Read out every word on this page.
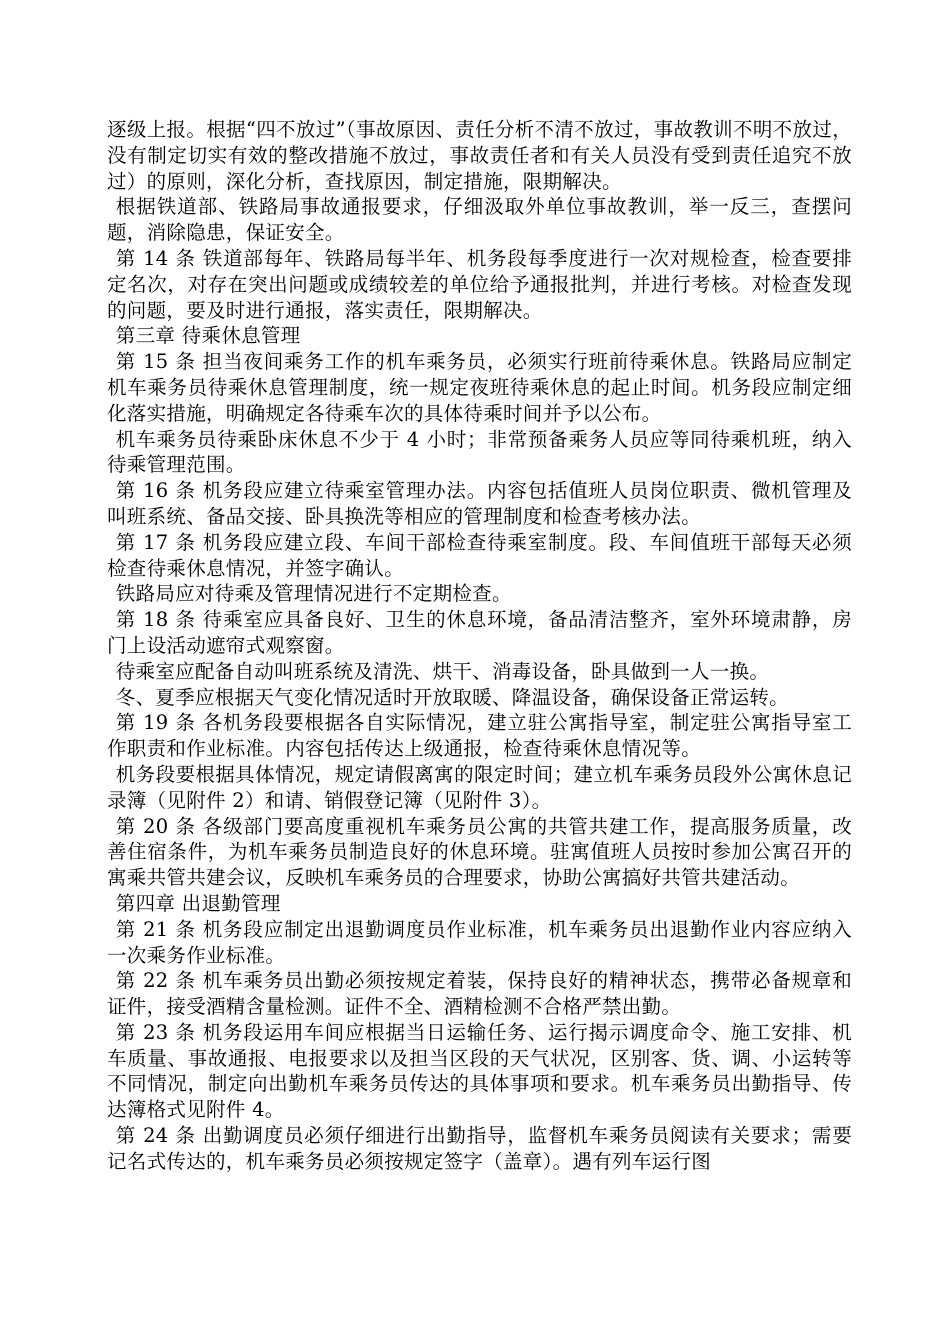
逐级上报。根据“四不放过”（事故原因、责任分析不清不放过，事故教训不明不放过，没有制定切实有效的整改措施不放过，事故责任者和有关人员没有受到责任追究不放过）的原则，深化分析，查找原因，制定措施，限期解决。

根据铁道部、铁路局事故通报要求，仔细汲取外单位事故教训，举一反三，查摆问题，消除隐患，保证安全。

第 14 条 铁道部每年、铁路局每半年、机务段每季度进行一次对规检查，检查要排定名次，对存在突出问题或成绩较差的单位给予通报批判，并进行考核。对检查发现的问题，要及时进行通报，落实责任，限期解决。

第三章 待乘休息管理

第 15 条 担当夜间乘务工作的机车乘务员，必须实行班前待乘休息。铁路局应制定机车乘务员待乘休息管理制度，统一规定夜班待乘休息的起止时间。机务段应制定细化落实措施，明确规定各待乘车次的具体待乘时间并予以公布。

机车乘务员待乘卧床休息不少于 4 小时；非常预备乘务人员应等同待乘机班，纳入待乘管理范围。

第 16 条 机务段应建立待乘室管理办法。内容包括值班人员岗位职责、微机管理及叫班系统、备品交接、卧具换洗等相应的管理制度和检查考核办法。

第 17 条 机务段应建立段、车间干部检查待乘室制度。段、车间值班干部每天必须检查待乘休息情况，并签字确认。

铁路局应对待乘及管理情况进行不定期检查。

第 18 条 待乘室应具备良好、卫生的休息环境，备品清洁整齐，室外环境肃静，房门上设活动遮帘式观察窗。

待乘室应配备自动叫班系统及清洗、烘干、消毒设备，卧具做到一人一换。

冬、夏季应根据天气变化情况适时开放取暖、降温设备，确保设备正常运转。

第 19 条 各机务段要根据各自实际情况，建立驻公寓指导室，制定驻公寓指导室工作职责和作业标准。内容包括传达上级通报，检查待乘休息情况等。

机务段要根据具体情况，规定请假离寓的限定时间；建立机车乘务员段外公寓休息记录簿（见附件 2）和请、销假登记簿（见附件 3）。

第 20 条 各级部门要高度重视机车乘务员公寓的共管共建工作，提高服务质量，改善住宿条件，为机车乘务员制造良好的休息环境。驻寓值班人员按时参加公寓召开的寓乘共管共建会议，反映机车乘务员的合理要求，协助公寓搞好共管共建活动。

第四章 出退勤管理

第 21 条 机务段应制定出退勤调度员作业标准，机车乘务员出退勤作业内容应纳入一次乘务作业标准。

第 22 条 机车乘务员出勤必须按规定着装，保持良好的精神状态，携带必备规章和证件，接受酒精含量检测。证件不全、酒精检测不合格严禁出勤。

第 23 条 机务段运用车间应根据当日运输任务、运行揭示调度命令、施工安排、机车质量、事故通报、电报要求以及担当区段的天气状况，区别客、货、调、小运转等不同情况，制定向出勤机车乘务员传达的具体事项和要求。机车乘务员出勤指导、传达簿格式见附件 4。

第 24 条 出勤调度员必须仔细进行出勤指导，监督机车乘务员阅读有关要求；需要记名式传达的，机车乘务员必须按规定签字（盖章）。遇有列车运行图
